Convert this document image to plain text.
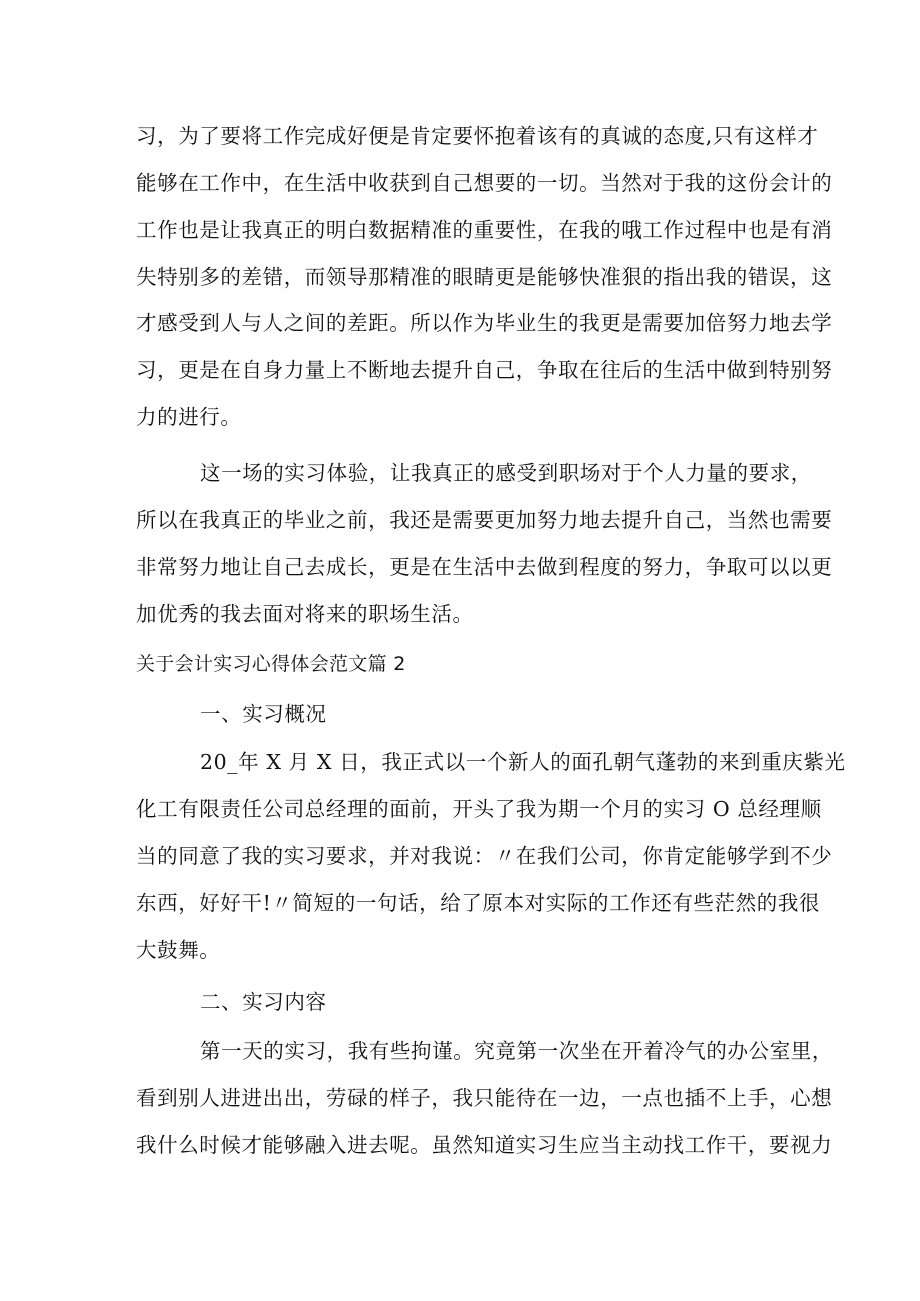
习，为了要将工作完成好便是肯定要怀抱着该有的真诚的态度,只有这样才
能够在工作中，在生活中收获到自己想要的一切。当然对于我的这份会计的
工作也是让我真正的明白数据精准的重要性，在我的哦工作过程中也是有消
失特别多的差错，而领导那精准的眼睛更是能够快准狠的指出我的错误，这
才感受到人与人之间的差距。所以作为毕业生的我更是需要加倍努力地去学
习，更是在自身力量上不断地去提升自己，争取在往后的生活中做到特别努
力的进行。
这一场的实习体验，让我真正的感受到职场对于个人力量的要求，
所以在我真正的毕业之前，我还是需要更加努力地去提升自己，当然也需要
非常努力地让自己去成长，更是在生活中去做到程度的努力，争取可以以更
加优秀的我去面对将来的职场生活。
关于会计实习心得体会范文篇 2
一、实习概况
20_年 X 月 X 日，我正式以一个新人的面孔朝气蓬勃的来到重庆紫光
化工有限责任公司总经理的面前，开头了我为期一个月的实习 O 总经理顺
当的同意了我的实习要求，并对我说：〃在我们公司，你肯定能够学到不少
东西，好好干!〃简短的一句话，给了原本对实际的工作还有些茫然的我很
大鼓舞。
二、实习内容
第一天的实习，我有些拘谨。究竟第一次坐在开着冷气的办公室里，
看到别人进进出出，劳碌的样子，我只能待在一边，一点也插不上手，心想
我什么时候才能够融入进去呢。虽然知道实习生应当主动找工作干，要视力
